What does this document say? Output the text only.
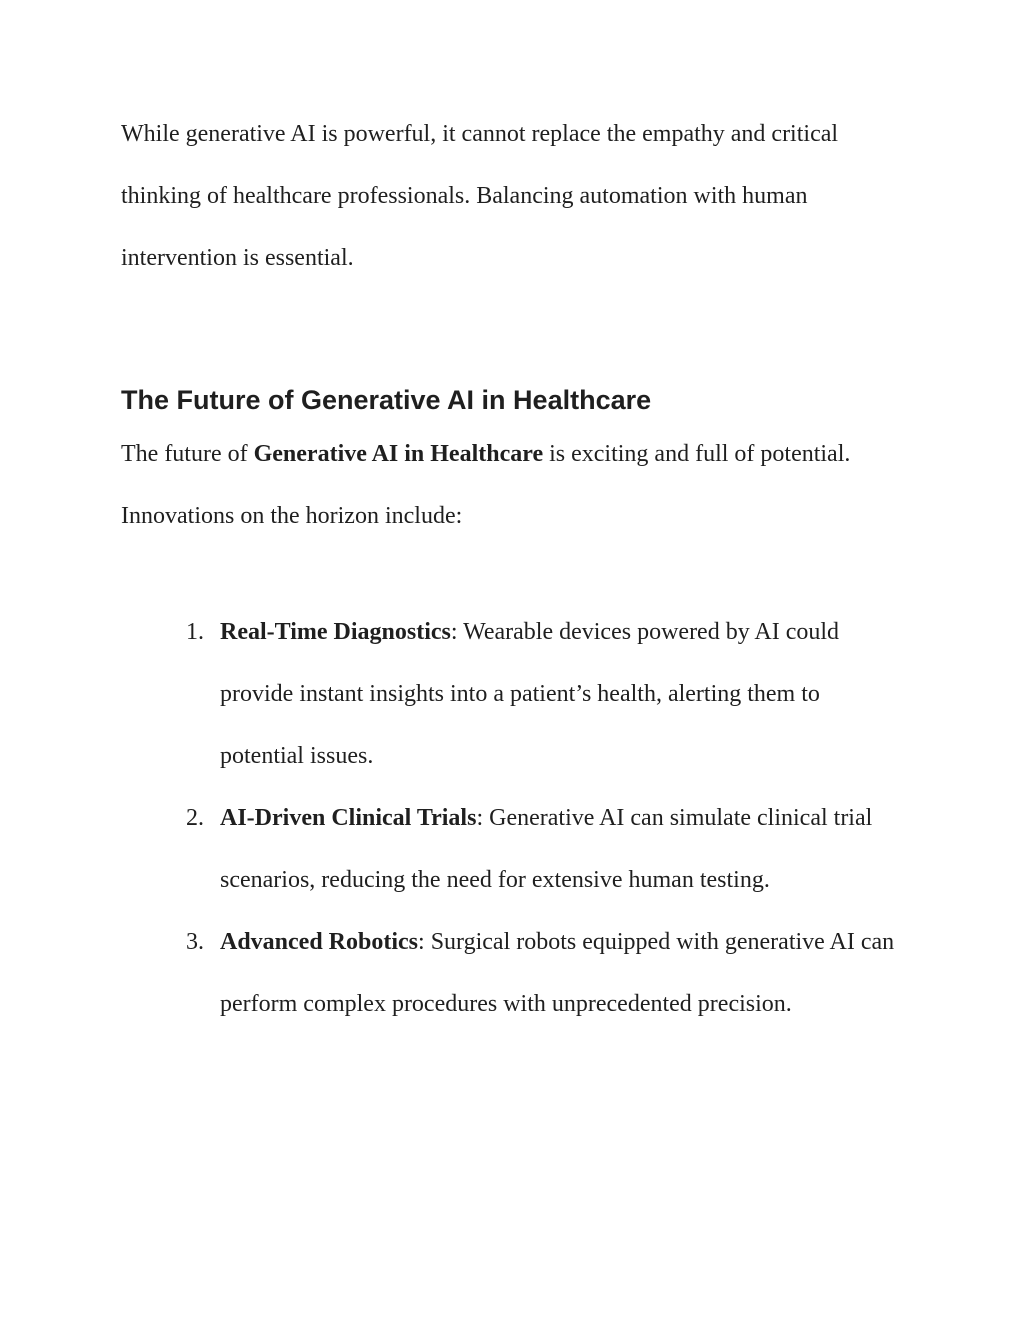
While generative AI is powerful, it cannot replace the empathy and critical thinking of healthcare professionals. Balancing automation with human intervention is essential.

The Future of Generative AI in Healthcare

The future of Generative AI in Healthcare is exciting and full of potential. Innovations on the horizon include:

1. Real-Time Diagnostics: Wearable devices powered by AI could provide instant insights into a patient’s health, alerting them to potential issues.
2. AI-Driven Clinical Trials: Generative AI can simulate clinical trial scenarios, reducing the need for extensive human testing.
3. Advanced Robotics: Surgical robots equipped with generative AI can perform complex procedures with unprecedented precision.
